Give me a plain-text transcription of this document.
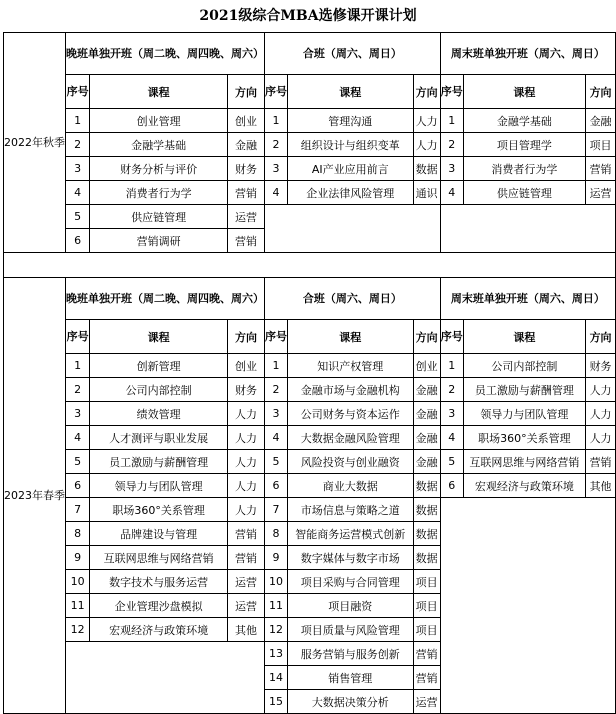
2021级综合MBA选修课开课计划
2022年秋季	晚班单独开班（周二晚、周四晚、周六）			合班（周六、周日）			周末班单独开班（周六、周日）		
	序号	课程	方向	序号	课程	方向	序号	课程	方向
	1	创业管理	创业	1	管理沟通	人力	1	金融学基础	金融
	2	金融学基础	金融	2	组织设计与组织变革	人力	2	项目管理学	项目
	3	财务分析与评价	财务	3	AI产业应用前言	数据	3	消费者行为学	营销
	4	消费者行为学	营销	4	企业法律风险管理	通识	4	供应链管理	运营
	5	供应链管理	运营						
	6	营销调研	营销						

2023年春季	晚班单独开班（周二晚、周四晚、周六）			合班（周六、周日）			周末班单独开班（周六、周日）		
	序号	课程	方向	序号	课程	方向	序号	课程	方向
	1	创新管理	创业	1	知识产权管理	创业	1	公司内部控制	财务
	2	公司内部控制	财务	2	金融市场与金融机构	金融	2	员工激励与薪酬管理	人力
	3	绩效管理	人力	3	公司财务与资本运作	金融	3	领导力与团队管理	人力
	4	人才测评与职业发展	人力	4	大数据金融风险管理	金融	4	职场360°关系管理	人力
	5	员工激励与薪酬管理	人力	5	风险投资与创业融资	金融	5	互联网思维与网络营销	营销
	6	领导力与团队管理	人力	6	商业大数据	数据	6	宏观经济与政策环境	其他
	7	职场360°关系管理	人力	7	市场信息与策略之道	数据			
	8	品牌建设与管理	营销	8	智能商务运营模式创新	数据			
	9	互联网思维与网络营销	营销	9	数字媒体与数字市场	数据			
	10	数字技术与服务运营	运营	10	项目采购与合同管理	项目			
	11	企业管理沙盘模拟	运营	11	项目融资	项目			
	12	宏观经济与政策环境	其他	12	项目质量与风险管理	项目			
				13	服务营销与服务创新	营销			
				14	销售管理	营销			
				15	大数据决策分析	运营			
